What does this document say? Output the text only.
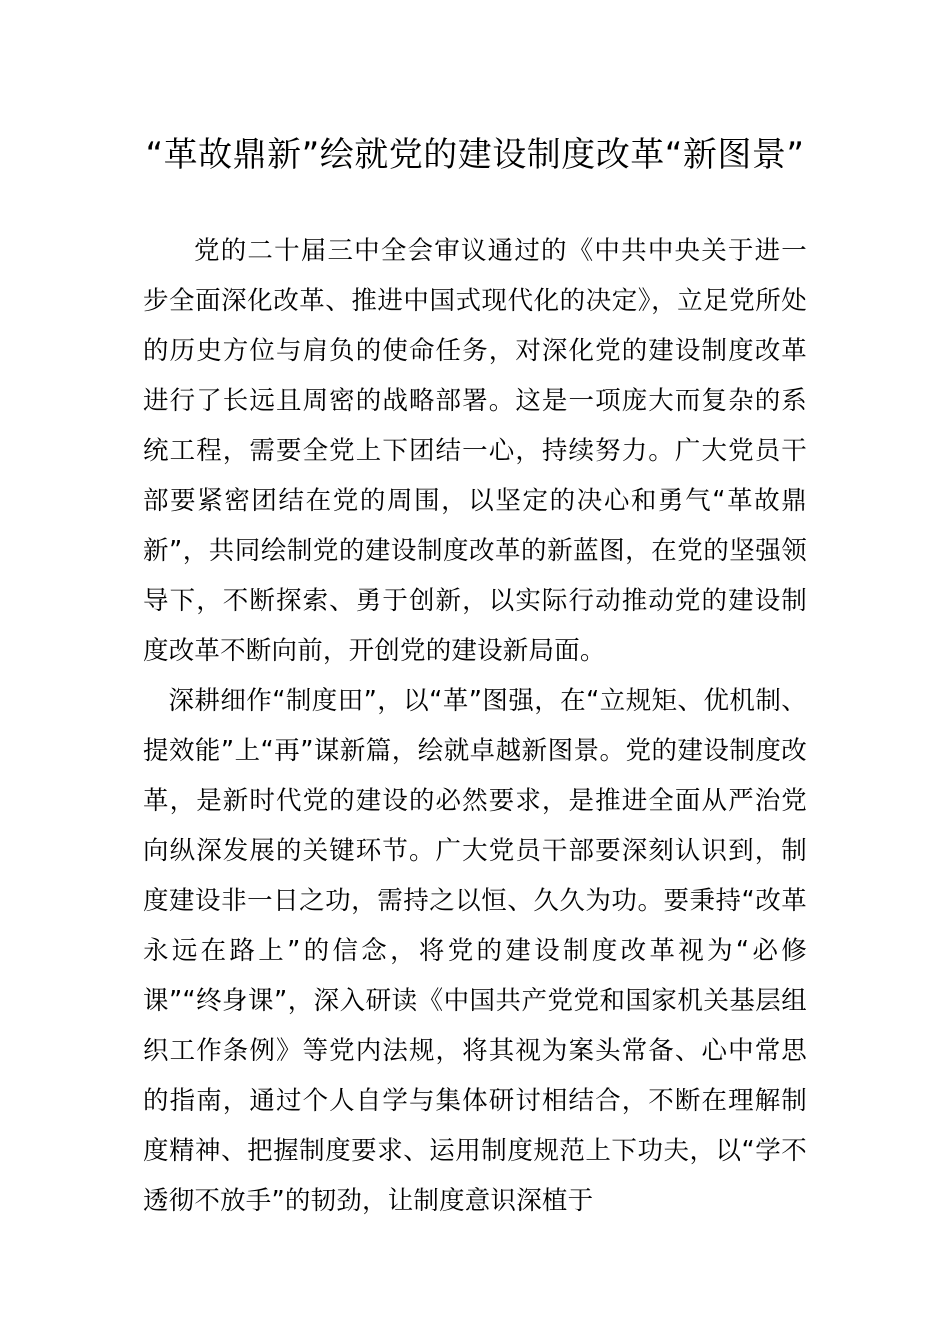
“革故鼎新”绘就党的建设制度改革“新图景”

党的二十届三中全会审议通过的《中共中央关于进一步全面深化改革、推进中国式现代化的决定》，立足党所处的历史方位与肩负的使命任务，对深化党的建设制度改革进行了长远且周密的战略部署。这是一项庞大而复杂的系统工程，需要全党上下团结一心，持续努力。广大党员干部要紧密团结在党的周围，以坚定的决心和勇气“革故鼎新”，共同绘制党的建设制度改革的新蓝图，在党的坚强领导下，不断探索、勇于创新，以实际行动推动党的建设制度改革不断向前，开创党的建设新局面。

深耕细作“制度田”，以“革”图强，在“立规矩、优机制、提效能”上“再”谋新篇，绘就卓越新图景。党的建设制度改革，是新时代党的建设的必然要求，是推进全面从严治党向纵深发展的关键环节。广大党员干部要深刻认识到，制度建设非一日之功，需持之以恒、久久为功。要秉持“改革永远在路上”的信念，将党的建设制度改革视为“必修课”“终身课”，深入研读《中国共产党党和国家机关基层组织工作条例》等党内法规，将其视为案头常备、心中常思的指南，通过个人自学与集体研讨相结合，不断在理解制度精神、把握制度要求、运用制度规范上下功夫，以“学不透彻不放手”的韧劲，让制度意识深植于
